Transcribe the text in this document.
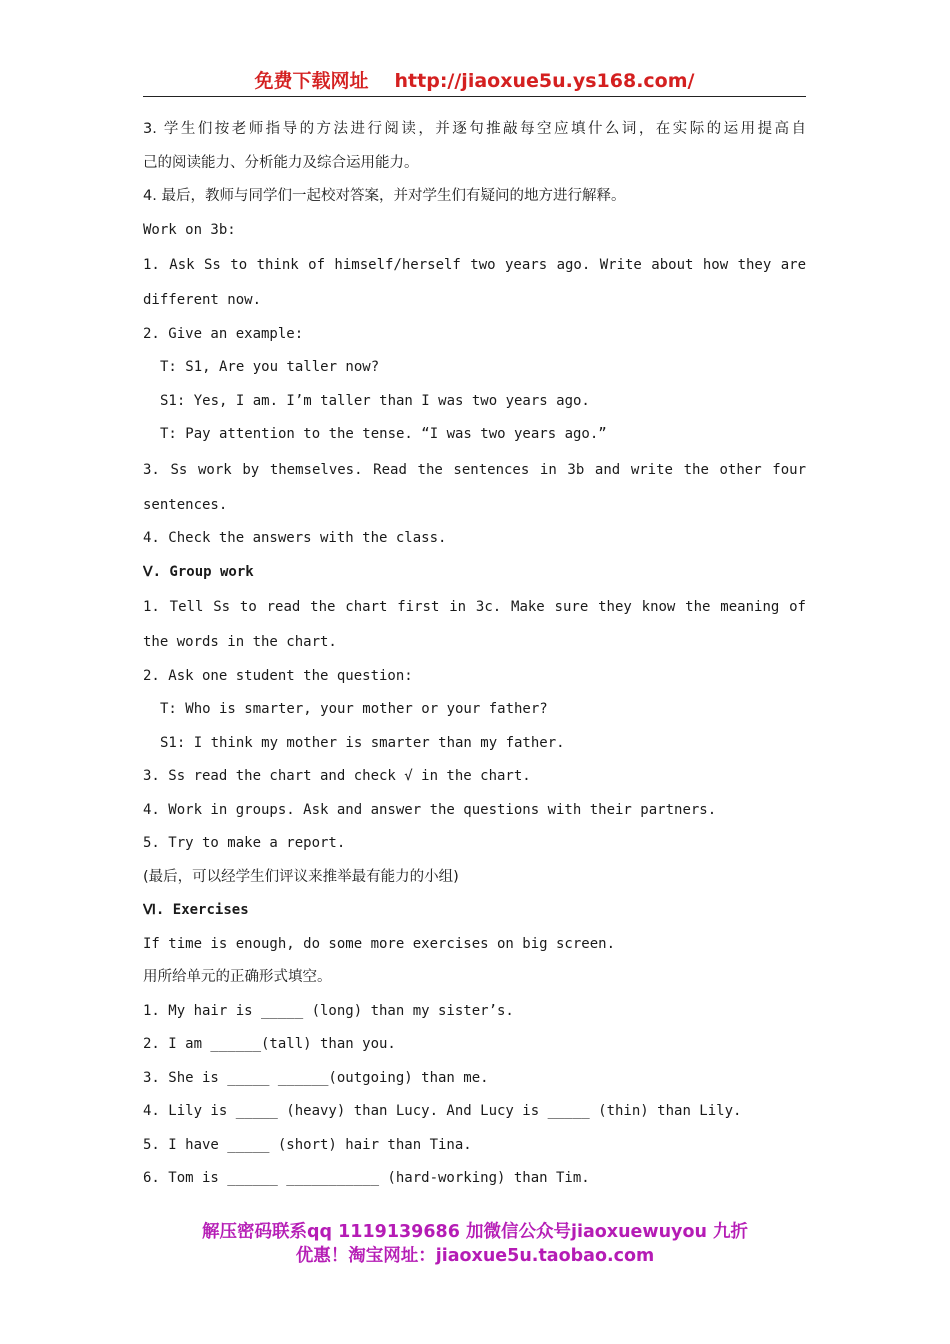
免费下载网址 http://jiaoxue5u.ys168.com/
3. 学生们按老师指导的方法进行阅读，并逐句推敲每空应填什么词，在实际的运用提高自
己的阅读能力、分析能力及综合运用能力。
4. 最后，教师与同学们一起校对答案，并对学生们有疑问的地方进行解释。
Work on 3b:
1. Ask Ss to think of himself/herself two years ago. Write about how they are
different now.
2. Give an example:
T: S1, Are you taller now?
S1: Yes, I am. I’m taller than I was two years ago.
T: Pay attention to the tense. “I was two years ago.”
3. Ss work by themselves. Read the sentences in 3b and write the other four
sentences.
4. Check the answers with the class.
Ⅴ. Group work
1. Tell Ss to read the chart first in 3c. Make sure they know the meaning of
the words in the chart.
2. Ask one student the question:
T: Who is smarter, your mother or your father?
S1: I think my mother is smarter than my father.
3. Ss read the chart and check √ in the chart.
4. Work in groups. Ask and answer the questions with their partners.
5. Try to make a report.
(最后，可以经学生们评议来推举最有能力的小组)
Ⅵ. Exercises
If time is enough, do some more exercises on big screen.
用所给单元的正确形式填空。
1. My hair is _____ (long) than my sister’s.
2. I am ______(tall) than you.
3. She is _____ ______(outgoing) than me.
4. Lily is _____ (heavy) than Lucy. And Lucy is _____ (thin) than Lily.
5. I have _____ (short) hair than Tina.
6. Tom is ______ ___________ (hard-working) than Tim.
解压密码联系qq 1119139686 加微信公众号jiaoxuewuyou 九折
优惠！淘宝网址：jiaoxue5u.taobao.com
